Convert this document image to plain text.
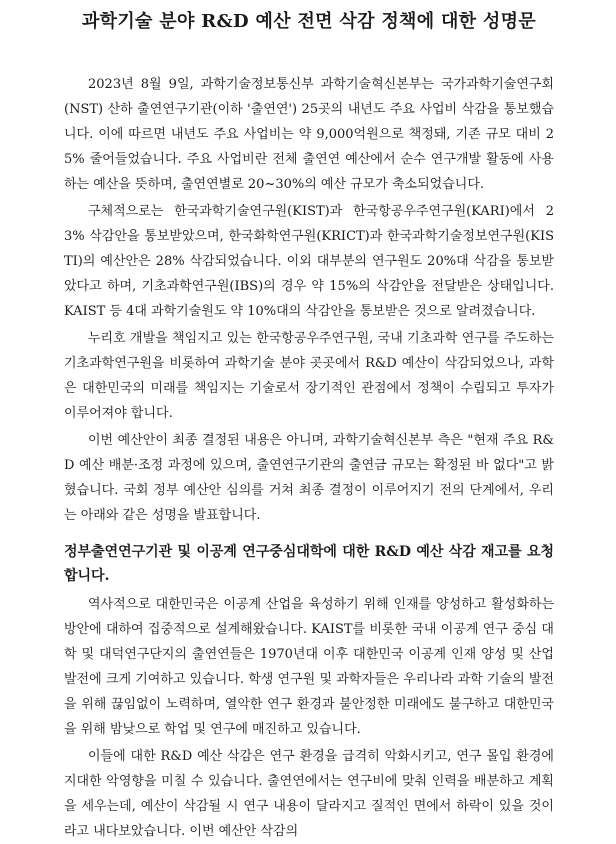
과학기술 분야 R&D 예산 전면 삭감 정책에 대한 성명문

2023년 8월 9일, 과학기술정보통신부 과학기술혁신본부는 국가과학기술연구회(NST) 산하 출연연구기관(이하 '출연연') 25곳의 내년도 주요 사업비 삭감을 통보했습니다. 이에 따르면 내년도 주요 사업비는 약 9,000억원으로 책정돼, 기존 규모 대비 25% 줄어들었습니다. 주요 사업비란 전체 출연연 예산에서 순수 연구개발 활동에 사용하는 예산을 뜻하며, 출연연별로 20~30%의 예산 규모가 축소되었습니다.

구체적으로는 한국과학기술연구원(KIST)과 한국항공우주연구원(KARI)에서 23% 삭감안을 통보받았으며, 한국화학연구원(KRICT)과 한국과학기술정보연구원(KISTI)의 예산안은 28% 삭감되었습니다. 이외 대부분의 연구원도 20%대 삭감을 통보받았다고 하며, 기초과학연구원(IBS)의 경우 약 15%의 삭감안을 전달받은 상태입니다. KAIST 등 4대 과학기술원도 약 10%대의 삭감안을 통보받은 것으로 알려졌습니다.

누리호 개발을 책임지고 있는 한국항공우주연구원, 국내 기초과학 연구를 주도하는 기초과학연구원을 비롯하여 과학기술 분야 곳곳에서 R&D 예산이 삭감되었으나, 과학은 대한민국의 미래를 책임지는 기술로서 장기적인 관점에서 정책이 수립되고 투자가 이루어져야 합니다.

이번 예산안이 최종 결정된 내용은 아니며, 과학기술혁신본부 측은 "현재 주요 R&D 예산 배분·조정 과정에 있으며, 출연연구기관의 출연금 규모는 확정된 바 없다"고 밝혔습니다. 국회 정부 예산안 심의를 거쳐 최종 결정이 이루어지기 전의 단계에서, 우리는 아래와 같은 성명을 발표합니다.

정부출연연구기관 및 이공계 연구중심대학에 대한 R&D 예산 삭감 재고를 요청합니다.

역사적으로 대한민국은 이공계 산업을 육성하기 위해 인재를 양성하고 활성화하는 방안에 대하여 집중적으로 설계해왔습니다. KAIST를 비롯한 국내 이공계 연구 중심 대학 및 대덕연구단지의 출연연들은 1970년대 이후 대한민국 이공계 인재 양성 및 산업 발전에 크게 기여하고 있습니다. 학생 연구원 및 과학자들은 우리나라 과학 기술의 발전을 위해 끊임없이 노력하며, 열악한 연구 환경과 불안정한 미래에도 불구하고 대한민국을 위해 밤낮으로 학업 및 연구에 매진하고 있습니다.

이들에 대한 R&D 예산 삭감은 연구 환경을 급격히 악화시키고, 연구 몰입 환경에 지대한 악영향을 미칠 수 있습니다. 출연연에서는 연구비에 맞춰 인력을 배분하고 계획을 세우는데, 예산이 삭감될 시 연구 내용이 달라지고 질적인 면에서 하락이 있을 것이라고 내다보았습니다. 이번 예산안 삭감의
